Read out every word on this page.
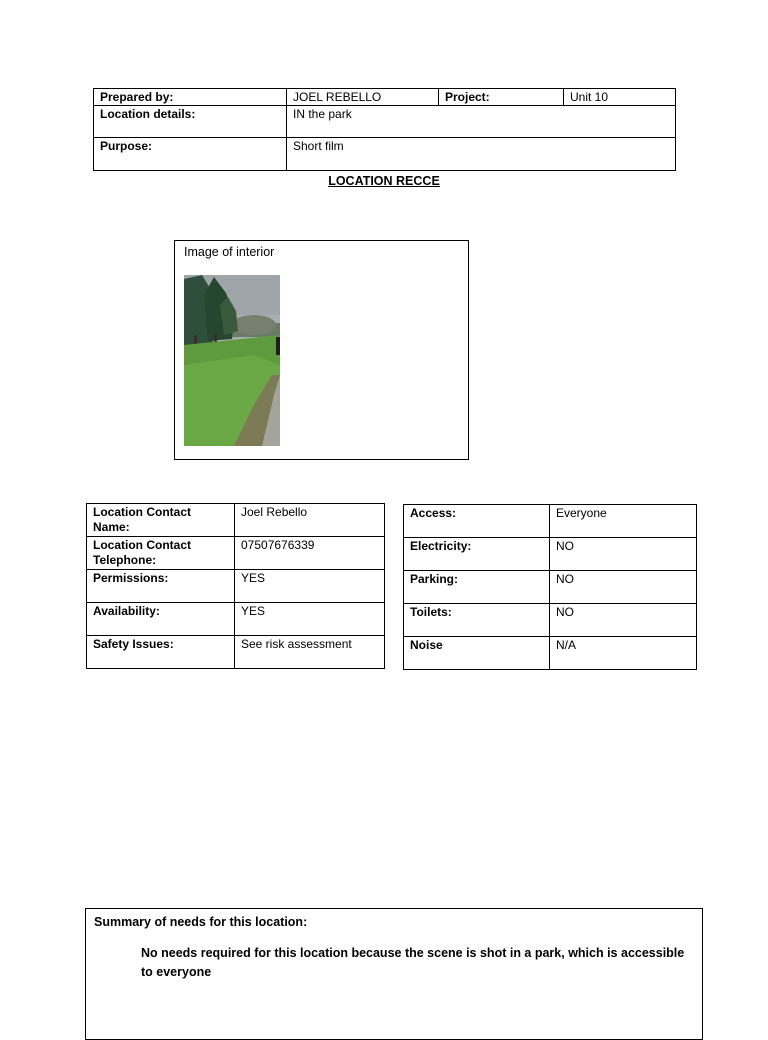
Prepared by:	JOEL REBELLO	Project:	Unit 10
Location details:	IN the park		
Purpose:	Short film		
LOCATION RECCE
Image of interior
Location Contact Name:	Joel Rebello
Location Contact Telephone:	07507676339
Permissions:	YES
Availability:	YES
Safety Issues:	See risk assessment
Access:	Everyone
Electricity:	NO
Parking:	NO
Toilets:	NO
Noise	N/A
Summary of needs for this location:
No needs required for this location because the scene is shot in a park, which is accessible to everyone
